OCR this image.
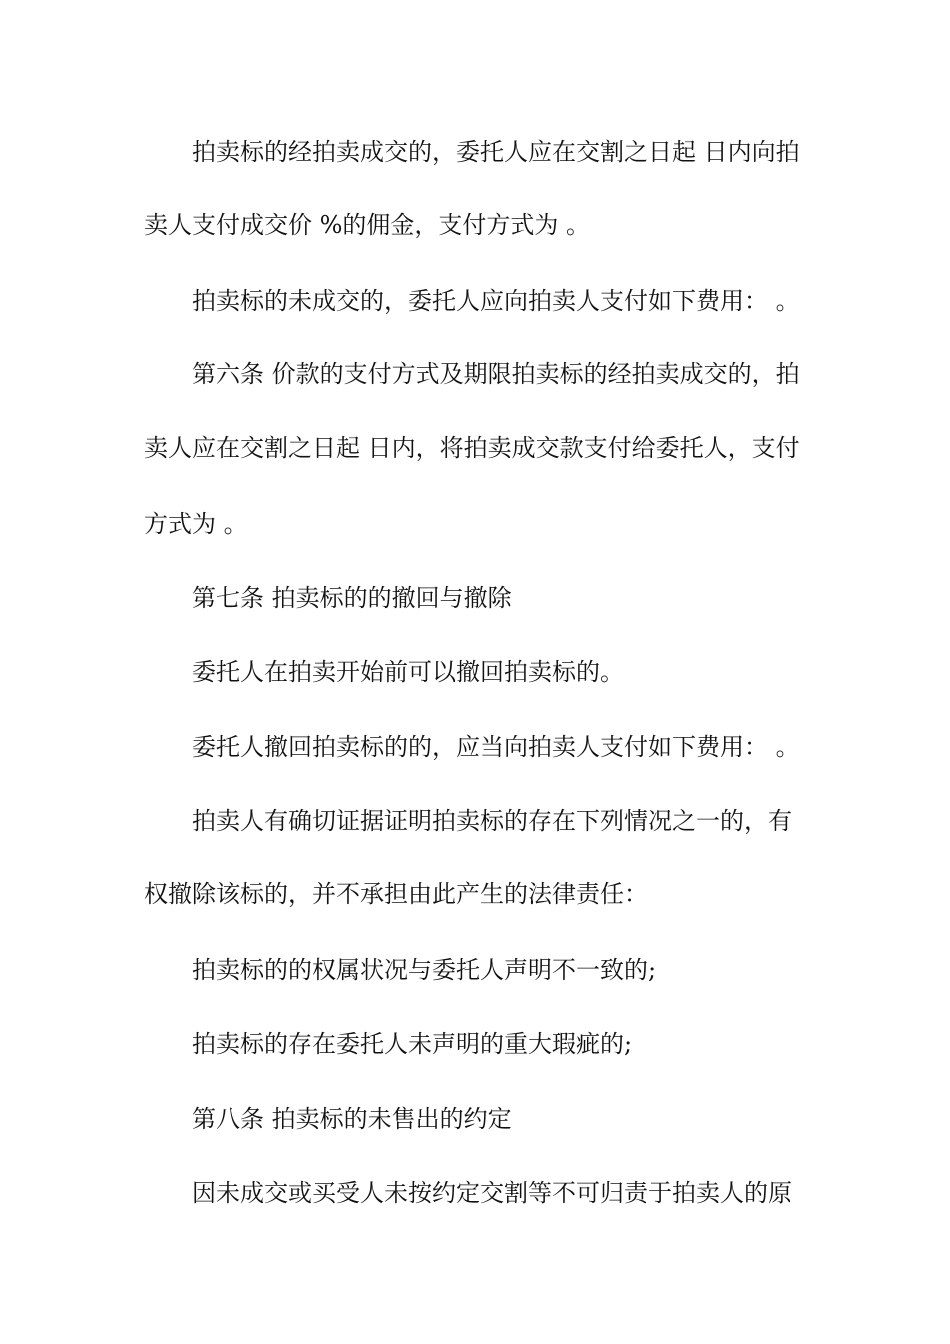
拍卖标的经拍卖成交的，委托人应在交割之日起 日内向拍
卖人支付成交价 %的佣金，支付方式为 。
拍卖标的未成交的，委托人应向拍卖人支付如下费用： 。
第六条 价款的支付方式及期限拍卖标的经拍卖成交的，拍
卖人应在交割之日起 日内，将拍卖成交款支付给委托人，支付
方式为 。
第七条 拍卖标的的撤回与撤除
委托人在拍卖开始前可以撤回拍卖标的。
委托人撤回拍卖标的的，应当向拍卖人支付如下费用： 。
拍卖人有确切证据证明拍卖标的存在下列情况之一的，有
权撤除该标的，并不承担由此产生的法律责任：
拍卖标的的权属状况与委托人声明不一致的;
拍卖标的存在委托人未声明的重大瑕疵的;
第八条 拍卖标的未售出的约定
因未成交或买受人未按约定交割等不可归责于拍卖人的原
